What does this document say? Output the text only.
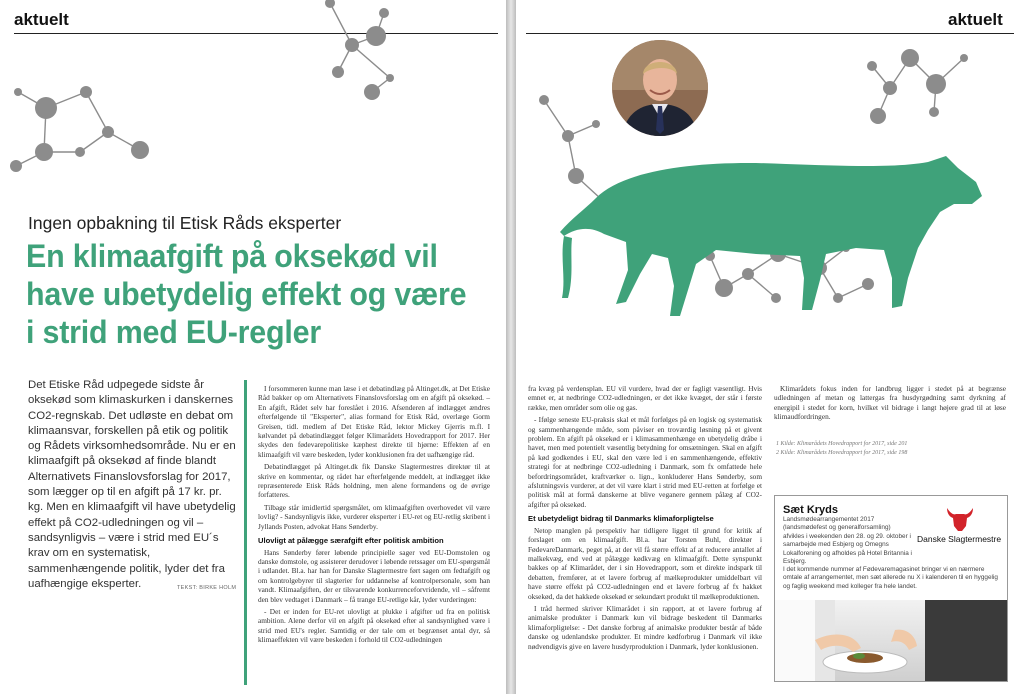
aktuelt
Ingen opbakning til Etisk Råds eksperter
En klimaafgift på oksekød vil have ubetydelig effekt og være i strid med EU-regler
Det Etiske Råd udpegede sidste år oksekød som klimaskurken i danskernes CO2-regnskab. Det udløste en debat om klimaansvar, forskellen på etik og politik og Rådets virksomhedsområde. Nu er en klimaafgift på oksekød af finde blandt Alternativets Finanslovsforslag for 2017, som lægger op til en afgift på 17 kr. pr. kg. Men en klimaafgift vil have ubetydelig effekt på CO2-udledningen og vil –sandsynligvis – være i strid med EU´s krav om en systematisk, sammenhængende politik, lyder det fra uafhængige eksperter.	TEKST: BIRKE HOLM

I forsommeren kunne man læse i et debatindlæg på Altinget.dk, at Det Etiske Råd bakker op om Alternativets Finanslovsforslag om en afgift på oksekød. – En afgift, Rådet selv har foreslået i 2016. Afsenderen af indlægget ændres efterfølgende til "Eksperter", alias formand for Etisk Råd, overlæge Gorm Greisen, tidl. medlem af Det Etiske Råd, lektor Mickey Gjerris m.fl. I kølvandet på debatindlægget følger Klimarådets Hovedrapport for 2017. Her skydes den fødevarepolitiske kæphest direkte til hjørne: Effekten af en klimaafgift vil være beskeden, lyder konklusionen fra det uafhængige råd.

Debatindlægget på Altinget.dk fik Danske Slagtermestres direktør til at skrive en kommentar, og rådet har efterfølgende meddelt, at indlægget ikke repræsenterede Etisk Råds holdning, men alene formandens og de øvrige forfatteres.

Tilbage står imidlertid spørgsmålet, om klimaafgiften overhovedet vil være lovlig? - Sandsynligvis ikke, vurderer eksperter i EU-ret og EU-retlig skribent i Jyllands Posten, advokat Hans Sønderby.

Ulovligt at pålægge særafgift efter politisk ambition

Hans Sønderby fører løbende principielle sager ved EU-Domstolen og danske domstole, og assisterer derudover i løbende retssager om EU-spørgsmål i udlandet. Bl.a. har han for Danske Slagtermestre ført sagen om fedtafgift og om kontrolgebyrer til slagterier for uddannelse af kontrolpersonale, som han vandt. Klimaafgiften, der er tilsvarende konkurrenceforvridende, vil – såfremt den blev vedtaget i Danmark – få trange EU-retlige kår, lyder vurderingen:

- Det er inden for EU-ret ulovligt at plukke i afgifter ud fra en politisk ambition. Alene derfor vil en afgift på oksekød efter al sandsynlighed være i strid med EU's regler. Samtidig er der tale om et begrænset antal dyr, så klimaeffekten vil være beskeden i forhold til CO2-udledningen

aktuelt

fra kvæg på verdensplan. EU vil vurdere, hvad der er fagligt væsentligt. Hvis emnet er, at nedbringe CO2-udledningen, er det ikke kvæget, der står i første række, men områder som olie og gas.

- Ifølge seneste EU-praksis skal et mål forfølges på en logisk og systematisk og sammenhængende måde, som påviser en troværdig løsning på et givent problem. En afgift på oksekød er i klimasammenhænge en ubetydelig dråbe i havet, men med potentielt væsentlig betydning for omsætningen. Skal en afgift på kød godkendes i EU, skal den være led i en sammenhængende, effektiv strategi for at nedbringe CO2-udledning i Danmark, som fx omfattede hele befordringsområdet, kraftværker o. lign., konkluderer Hans Sønderby, som afslutningsvis vurderer, at det vil være klart i strid med EU-retten at forfølge et politisk mål at formå danskerne at blive veganere gennem pålæg af CO2-afgifter på oksekød.

Et ubetydeligt bidrag til Danmarks klimaforpligtelse

Netop manglen på perspektiv har tidligere ligget til grund for kritik af forslaget om en klimaafgift. Bl.a. har Torsten Buhl, direktør i FødevareDanmark, peget på, at der vil få større effekt af at reducere antallet af malkekvæg, end ved at pålægge kødkvæg en klimaafgift. Dette synspunkt bakkes op af Klimarådet, der i sin Hovedrapport, som et direkte indspark til debatten, fremfører, at et lavere forbrug af mælkeprodukter umiddelbart vil have større effekt på CO2-udledningen end et lavere forbrug af fx hakket oksekød, da det hakkede oksekød er sekundært produkt til mælkeproduktionen.

I tråd hermed skriver Klimarådet i sin rapport, at et lavere forbrug af animalske produkter i Danmark kun vil bidrage beskedent til Danmarks klimaforpligtelse: - Det danske forbrug af animalske produkter består af både danske og udenlandske produkter. Et mindre kødforbrug i Danmark vil ikke nødvendigvis give en lavere husdyrproduktion i Danmark, lyder konklusionen.

Klimarådets fokus inden for landbrug ligger i stedet på at begrænse udledningen af metan og lattergas fra husdyrgødning samt dyrkning af energipil i stedet for korn, hvilket vil bidrage i langt højere grad til at løse klimaudfordringen.

1 Kilde: Klimarådets Hovedrapport for 2017, side 201
2 Kilde: Klimarådets Hovedrapport for 2017, side 198
Sæt Kryds
Landsmødearrangementet 2017 (landsmødefest og generalforsamling) afvikles i weekenden den 28. og 29. oktober i samarbejde med Esbjerg og Omegns Lokalforening og afholdes på Hotel Britannia i Esbjerg.
Danske Slagtermestre
I det kommende nummer af Fødevaremagasinet bringer vi en nærmere omtale af arrangementet, men sæt allerede nu X i kalenderen til en hyggelig og faglig weekend med kolleger fra hele landet.
